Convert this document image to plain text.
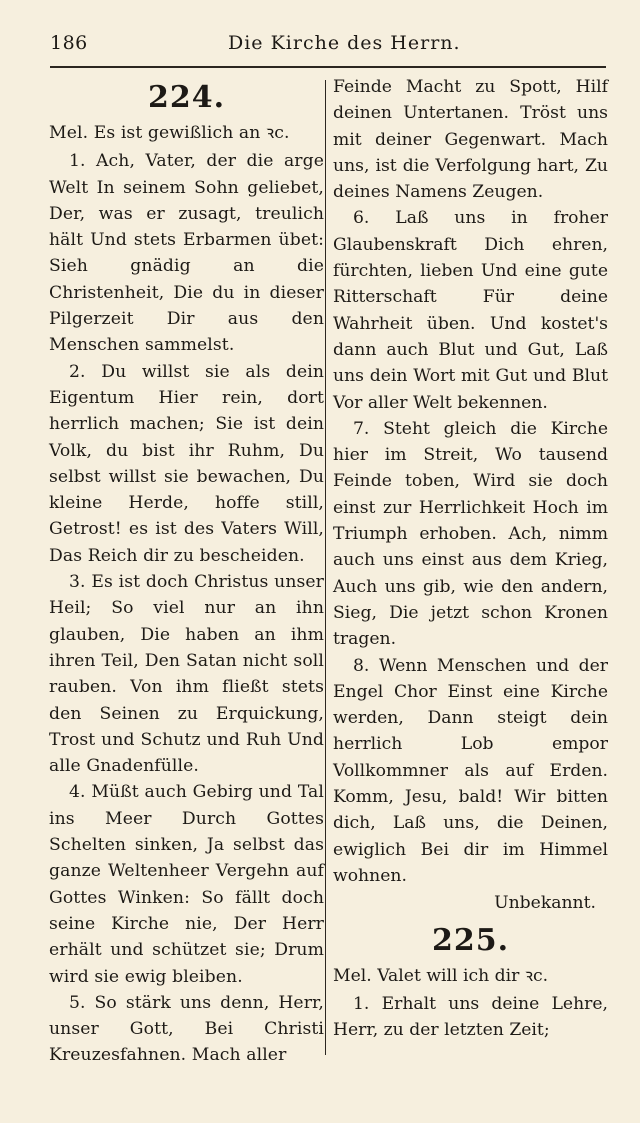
186	Die Kirche des Herrn.
224.
Mel. Es ist gewißlich an ꝛc.

1. Ach, Vater, der die arge Welt In seinem Sohn geliebet, Der, was er zusagt, treulich hält Und stets Erbarmen übet: Sieh gnädig an die Christenheit, Die du in dieser Pilgerzeit Dir aus den Menschen sammelst.

2. Du willst sie als dein Eigentum Hier rein, dort herrlich machen; Sie ist dein Volk, du bist ihr Ruhm, Du selbst willst sie bewachen, Du kleine Herde, hoffe still, Getrost! es ist des Vaters Will, Das Reich dir zu bescheiden.

3. Es ist doch Christus unser Heil; So viel nur an ihn glauben, Die haben an ihm ihren Teil, Den Satan nicht soll rauben. Von ihm fließt stets den Seinen zu Erquickung, Trost und Schutz und Ruh Und alle Gnadenfülle.

4. Müßt auch Gebirg und Tal ins Meer Durch Gottes Schelten sinken, Ja selbst das ganze Weltenheer Vergehn auf Gottes Winken: So fällt doch seine Kirche nie, Der Herr erhält und schützet sie; Drum wird sie ewig bleiben.

5. So stärk uns denn, Herr, unser Gott, Bei Christi Kreuzesfahnen. Mach aller

Feinde Macht zu Spott, Hilf deinen Untertanen. Tröst uns mit deiner Gegenwart. Mach uns, ist die Verfolgung hart, Zu deines Namens Zeugen.

6. Laß uns in froher Glaubenskraft Dich ehren, fürchten, lieben Und eine gute Ritterschaft Für deine Wahrheit üben. Und kostet's dann auch Blut und Gut, Laß uns dein Wort mit Gut und Blut Vor aller Welt bekennen.

7. Steht gleich die Kirche hier im Streit, Wo tausend Feinde toben, Wird sie doch einst zur Herrlichkeit Hoch im Triumph erhoben. Ach, nimm auch uns einst aus dem Krieg, Auch uns gib, wie den andern, Sieg, Die jetzt schon Kronen tragen.

8. Wenn Menschen und der Engel Chor Einst eine Kirche werden, Dann steigt dein herrlich Lob empor Vollkommner als auf Erden. Komm, Jesu, bald! Wir bitten dich, Laß uns, die Deinen, ewiglich Bei dir im Himmel wohnen.

Unbekannt.
225.
Mel. Valet will ich dir ꝛc.

1. Erhalt uns deine Lehre, Herr, zu der letzten Zeit;
